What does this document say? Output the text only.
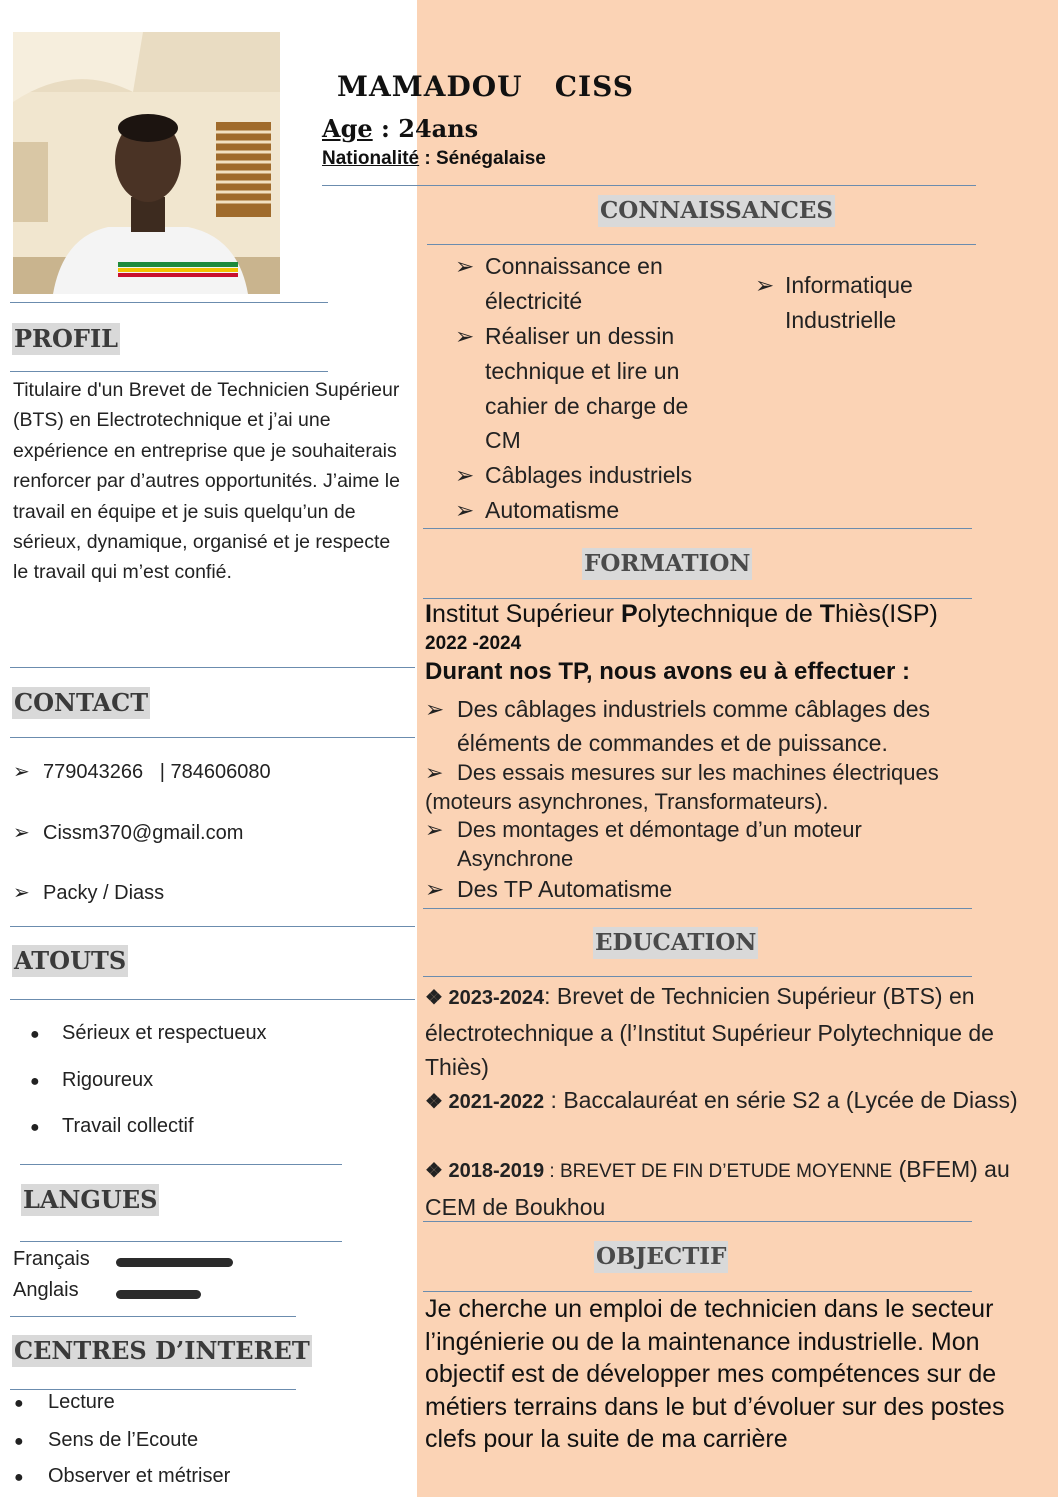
MAMADOU   CISS
Age : 24ans
Nationalité : Sénégalaise
PROFIL
Titulaire d'un Brevet de Technicien Supérieur (BTS) en Electrotechnique et j’ai une expérience en entreprise que je souhaiterais renforcer par d’autres opportunités. J’aime le travail en équipe et je suis quelqu’un de sérieux, dynamique, organisé et je respecte le travail qui m’est confié.
CONTACT
➢ 779043266   | 784606080
➢ Cissm370@gmail.com
➢ Packy / Diass
ATOUTS
● Sérieux et respectueux
● Rigoureux
● Travail collectif
LANGUES
Français
Anglais
CENTRES D’INTERET
● Lecture
● Sens de l’Ecoute
● Observer et métriser
CONNAISSANCES
➢ Connaissance en électricité
➢ Réaliser un dessin technique et lire un cahier de charge de CM
➢ Câblages industriels
➢ Automatisme
➢ Informatique Industrielle
FORMATION
Institut Supérieur Polytechnique de Thiès(ISP)
2022 -2024
Durant nos TP, nous avons eu à effectuer :
➢ Des câblages industriels comme câblages des
éléments de commandes et de puissance.
➢ Des essais mesures sur les machines électriques
(moteurs asynchrones, Transformateurs).
➢ Des montages et démontage d’un moteur
Asynchrone
➢ Des TP Automatisme
EDUCATION
❖ 2023-2024: Brevet de Technicien Supérieur (BTS) en électrotechnique a (l’Institut Supérieur Polytechnique de Thiès)
❖ 2021-2022 : Baccalauréat en série S2 a (Lycée de Diass)
❖ 2018-2019 : BREVET DE FIN D’ETUDE MOYENNE (BFEM) au CEM de Boukhou
OBJECTIF
Je cherche un emploi de technicien dans le secteur l’ingénierie ou de la maintenance industrielle. Mon objectif est de développer mes compétences sur de métiers terrains dans le but d’évoluer sur des postes clefs pour la suite de ma carrière
